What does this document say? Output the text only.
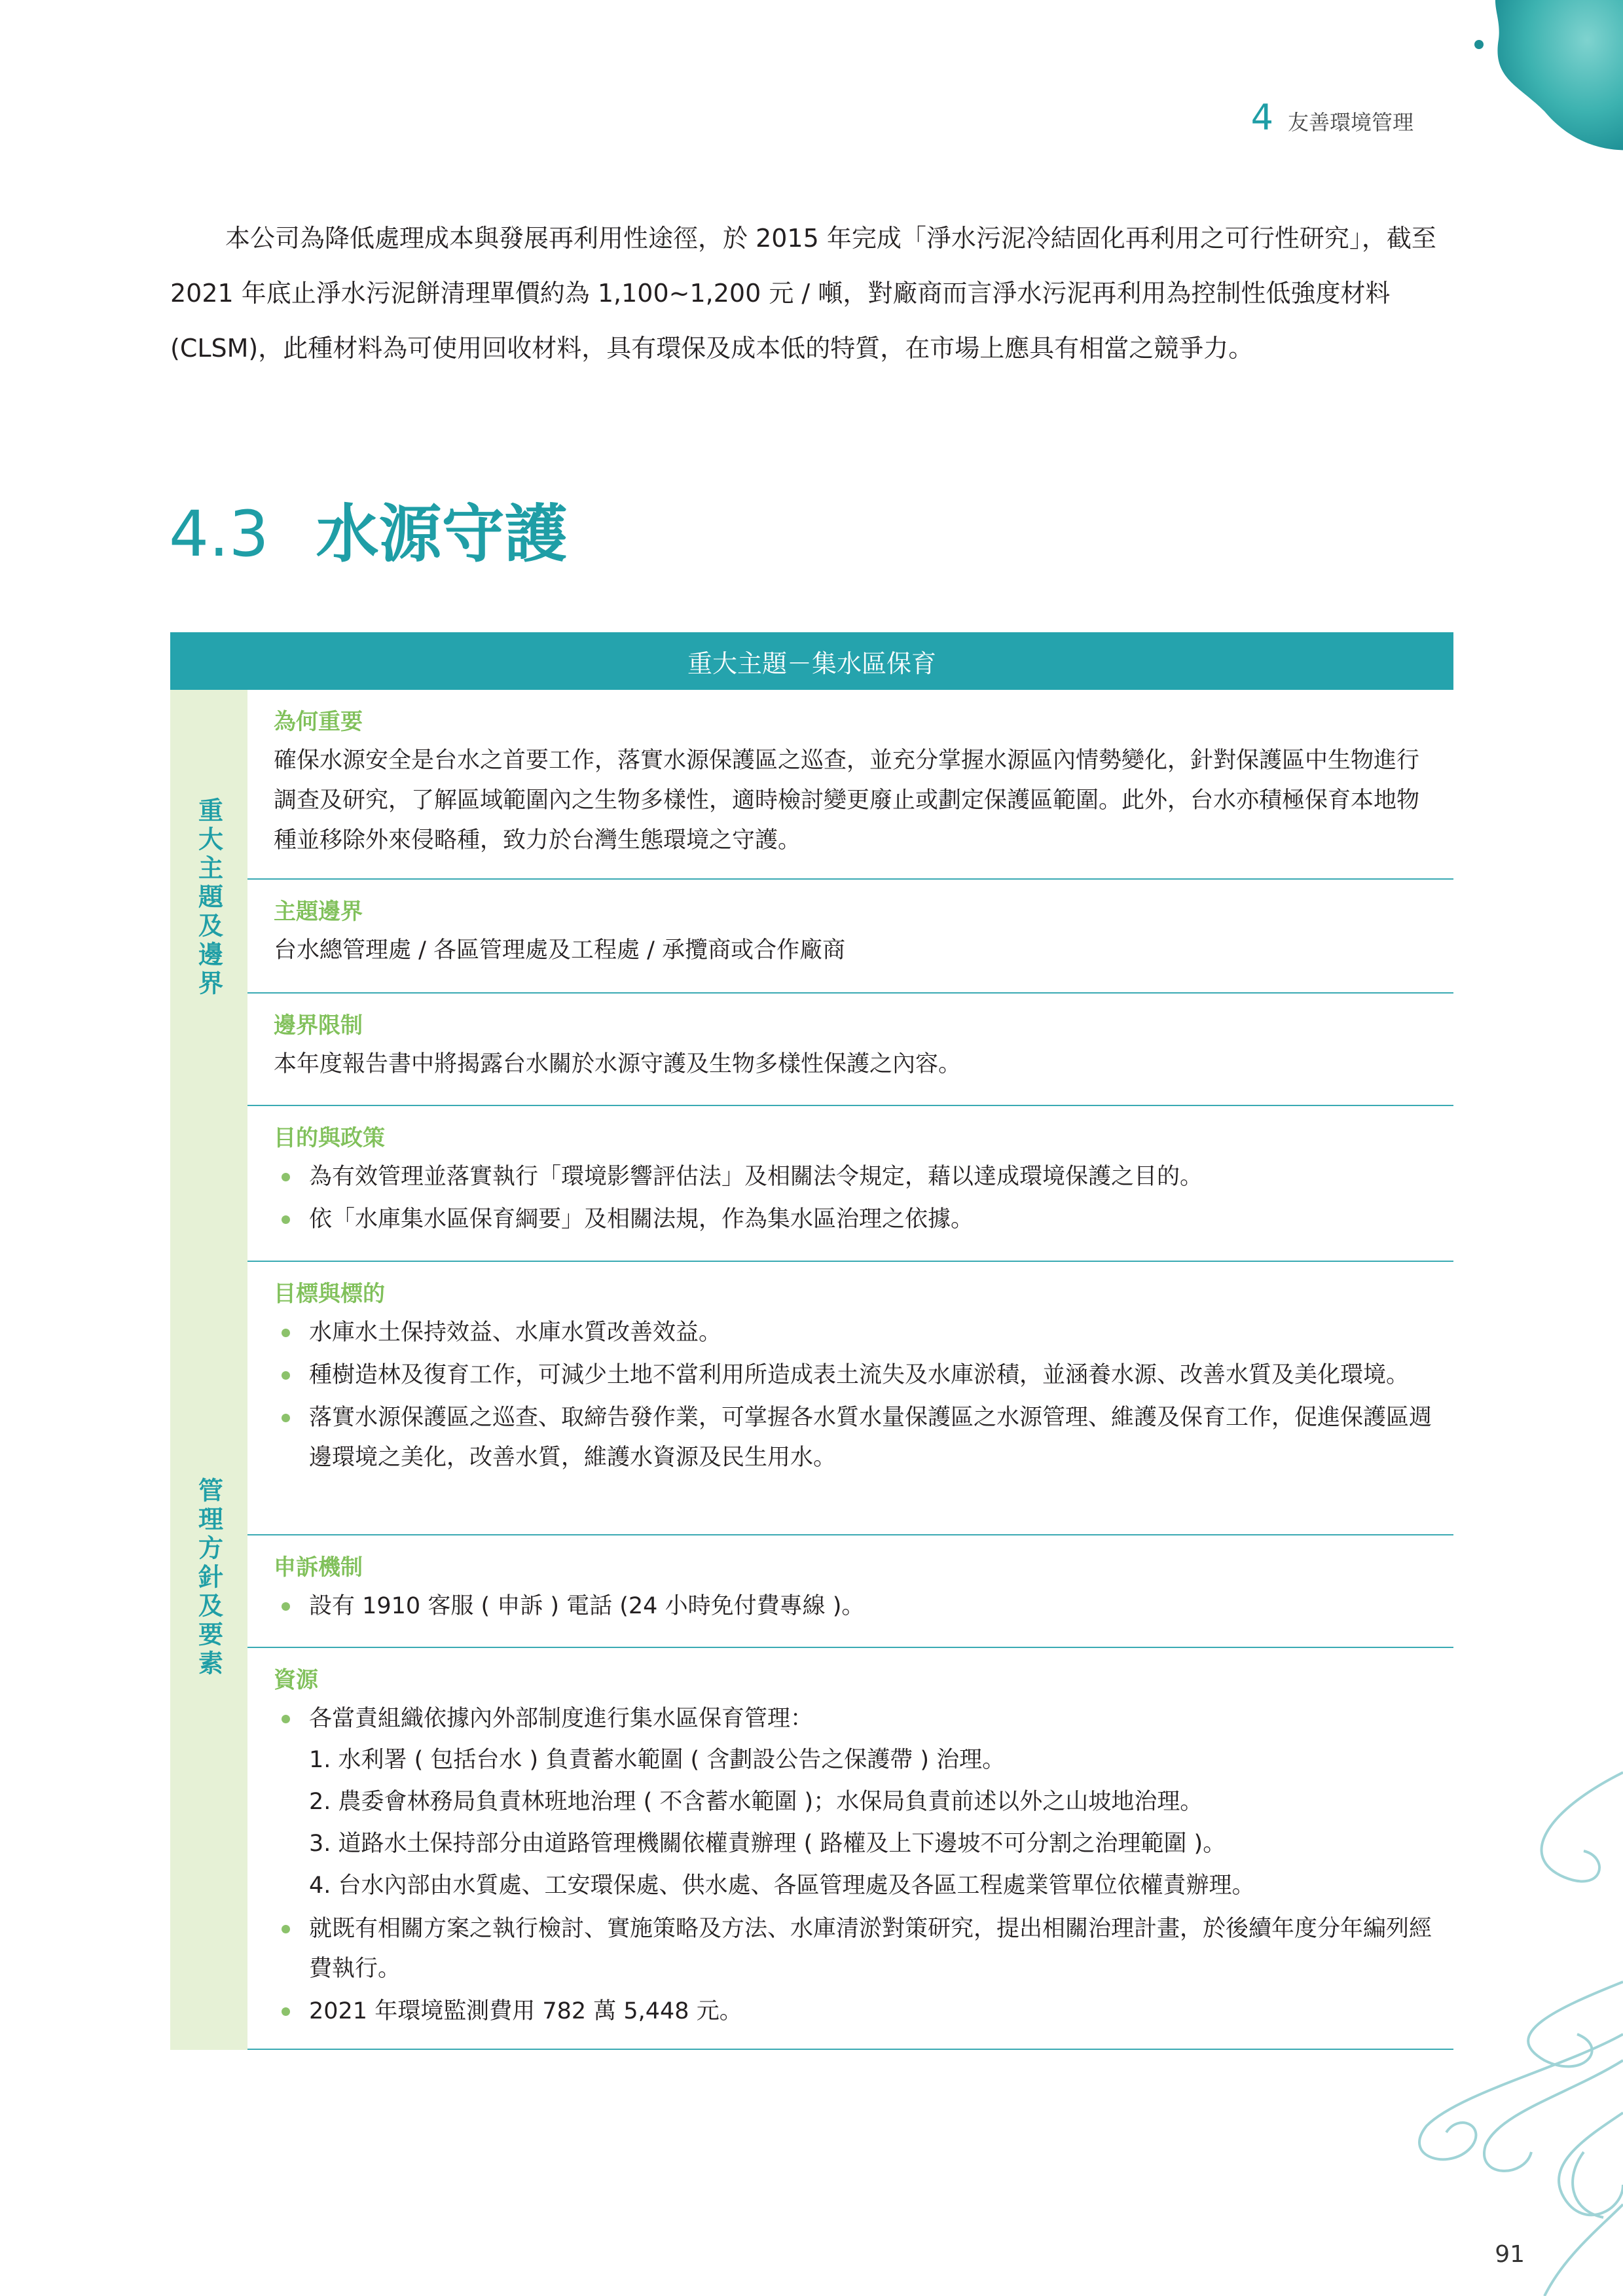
4 友善環境管理

本公司為降低處理成本與發展再利用性途徑，於 2015 年完成「淨水污泥冷結固化再利用之可行性研究」，截至 2021 年底止淨水污泥餅清理單價約為 1,100~1,200 元 / 噸，對廠商而言淨水污泥再利用為控制性低強度材料 (CLSM)，此種材料為可使用回收材料，具有環保及成本低的特質，在市場上應具有相當之競爭力。

4.3 水源守護
重大主題－集水區保育
重大主題及邊界
為何重要

確保水源安全是台水之首要工作，落實水源保護區之巡查，並充分掌握水源區內情勢變化，針對保護區中生物進行調查及研究，了解區域範圍內之生物多樣性，適時檢討變更廢止或劃定保護區範圍。此外，台水亦積極保育本地物種並移除外來侵略種，致力於台灣生態環境之守護。

主題邊界

台水總管理處 / 各區管理處及工程處 / 承攬商或合作廠商

邊界限制

本年度報告書中將揭露台水關於水源守護及生物多樣性保護之內容。

管理方針及要素
目的與政策
為有效管理並落實執行「環境影響評估法」及相關法令規定，藉以達成環境保護之目的。
依「水庫集水區保育綱要」及相關法規，作為集水區治理之依據。
目標與標的
水庫水土保持效益、水庫水質改善效益。
種樹造林及復育工作，可減少土地不當利用所造成表土流失及水庫淤積，並涵養水源、改善水質及美化環境。
落實水源保護區之巡查、取締告發作業，可掌握各水質水量保護區之水源管理、維護及保育工作，促進保護區週邊環境之美化，改善水質，維護水資源及民生用水。
申訴機制
設有 1910 客服 ( 申訴 ) 電話 (24 小時免付費專線 )。
資源
各當責組織依據內外部制度進行集水區保育管理：
1. 水利署 ( 包括台水 ) 負責蓄水範圍 ( 含劃設公告之保護帶 ) 治理。
2. 農委會林務局負責林班地治理 ( 不含蓄水範圍 )；水保局負責前述以外之山坡地治理。
3. 道路水土保持部分由道路管理機關依權責辦理 ( 路權及上下邊坡不可分割之治理範圍 )。
4. 台水內部由水質處、工安環保處、供水處、各區管理處及各區工程處業管單位依權責辦理。
就既有相關方案之執行檢討、實施策略及方法、水庫清淤對策研究，提出相關治理計畫，於後續年度分年編列經費執行。
2021 年環境監測費用 782 萬 5,448 元。
91
